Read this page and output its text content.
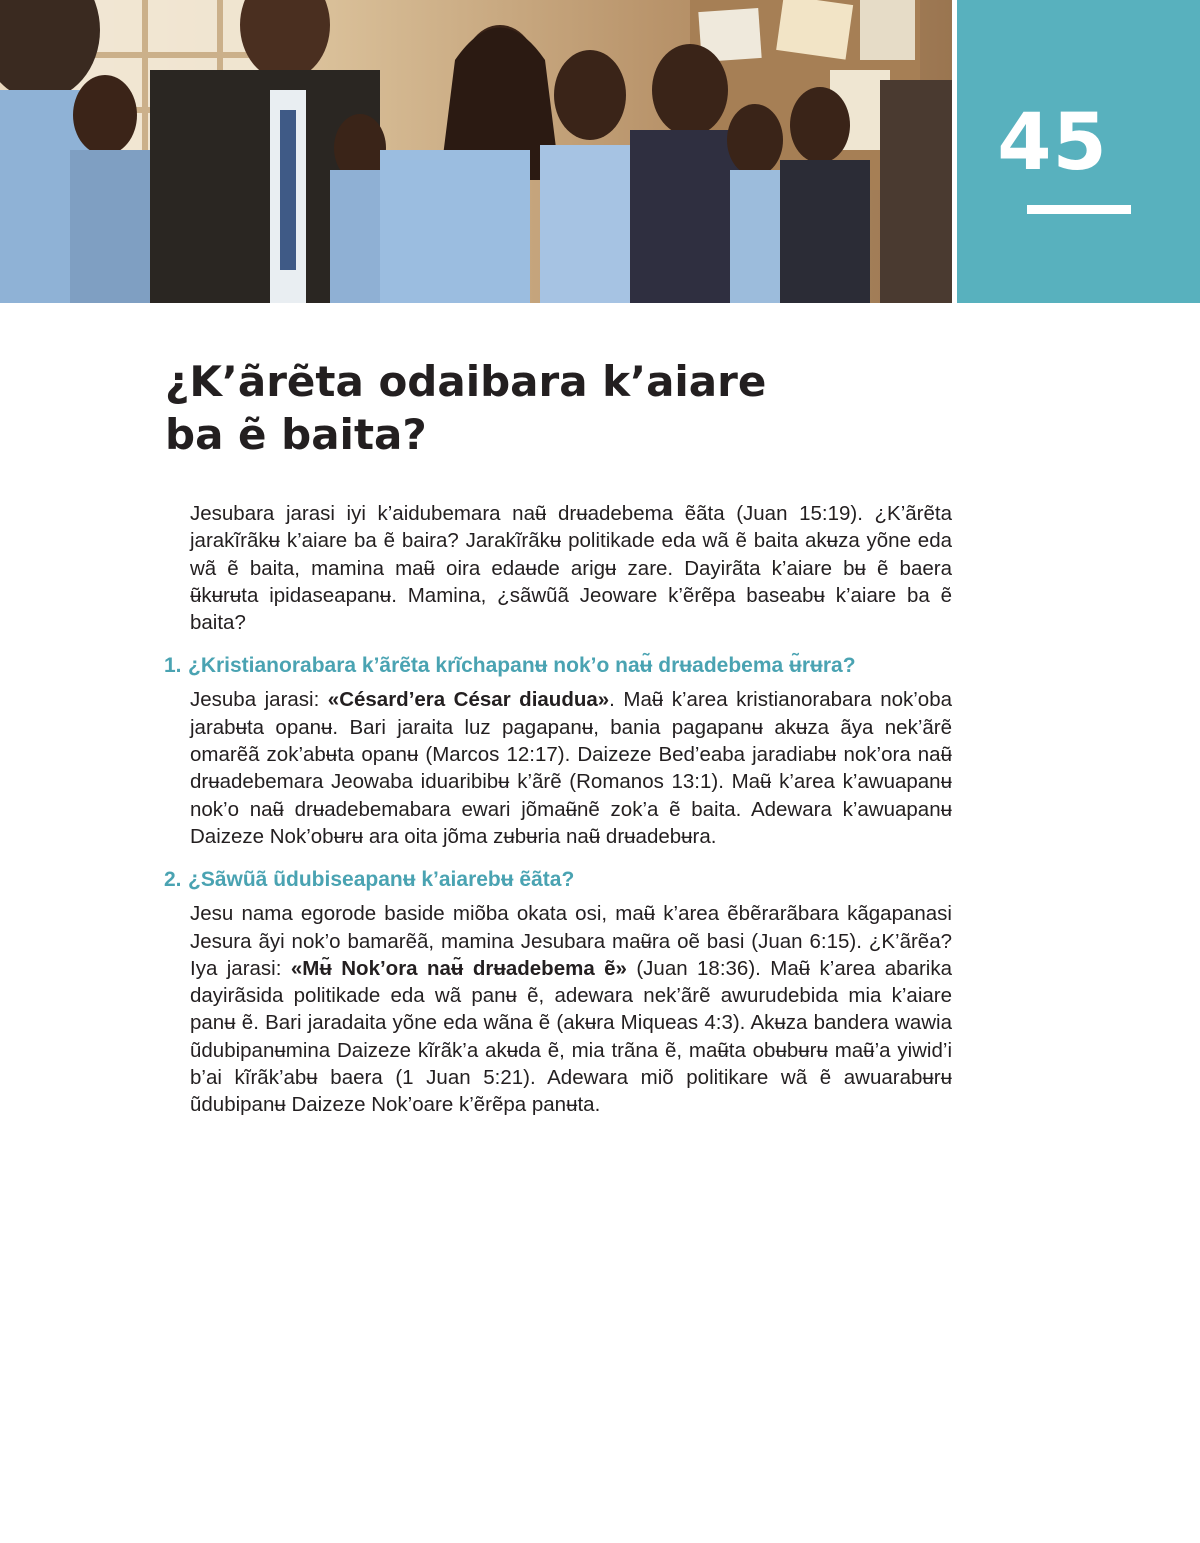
45
¿K’ãrẽta odaibara k’aiare
ba ẽ baita?

Jesubara jarasi iyi k’aidubemara naʉ̃ drʉadebema ẽãta (Juan 15:19). ¿K’ãrẽta jarakĩrãkʉ k’aiare ba ẽ baira? Jarakĩrãkʉ politikade eda wã ẽ baita akʉza yõne eda wã ẽ baita, mamina maʉ̃ oira edaʉde arigʉ zare. Dayirãta k’aiare bʉ ẽ baera ʉ̃kʉrʉta ipidaseapanʉ. Mamina, ¿sãwũã Jeoware k’ẽrẽpa baseabʉ k’aiare ba ẽ baita?

1. ¿Kristianorabara k’ãrẽta krĩchapanʉ nok’o naʉ̃ drʉadebema ʉ̃rʉra?

Jesuba jarasi: «Césard’era César diaudua». Maʉ̃ k’area kristianorabara nok’oba jarabʉta opanʉ. Bari jaraita luz pagapanʉ, bania pagapanʉ akʉza ãya nek’ãrẽ omarẽã zok’abʉta opanʉ (Marcos 12:17). Daizeze Bed’eaba jaradiabʉ nok’ora naʉ̃ drʉadebemara Jeowaba iduaribibʉ k’ãrẽ (Romanos 13:1). Maʉ̃ k’area k’awuapanʉ nok’o naʉ̃ drʉadebemabara ewari jõmaʉ̃nẽ zok’a ẽ baita. Adewara k’awuapanʉ Daizeze Nok’obʉrʉ ara oita jõma zʉbʉria naʉ̃ drʉadebʉra.

2. ¿Sãwũã ũdubiseapanʉ k’aiarebʉ ẽãta?

Jesu nama egorode baside miõba okata osi, maʉ̃ k’area ẽbẽrarãbara kãgapanasi Jesura ãyi nok’o bamarẽã, mamina Jesubara maʉ̃ra oẽ basi (Juan 6:15). ¿K’ãrẽa? Iya jarasi: «Mʉ̃ Nok’ora naʉ̃ drʉadebema ẽ» (Juan 18:36). Maʉ̃ k’area abarika dayirãsida politikade eda wã panʉ ẽ, adewara nek’ãrẽ awurudebida mia k’aiare panʉ ẽ. Bari jaradaita yõne eda wãna ẽ (akʉra Miqueas 4:3). Akʉza bandera wawia ũdubipanʉmina Daizeze kĩrãk’a akʉda ẽ, mia trãna ẽ, maʉ̃ta obʉbʉrʉ maʉ̃’a yiwid’i b’ai kĩrãk’abʉ baera (1 Juan 5:21). Adewara miõ politikare wã ẽ awuarabʉrʉ ũdubipanʉ Daizeze Nok’oare k’ẽrẽpa panʉta.
